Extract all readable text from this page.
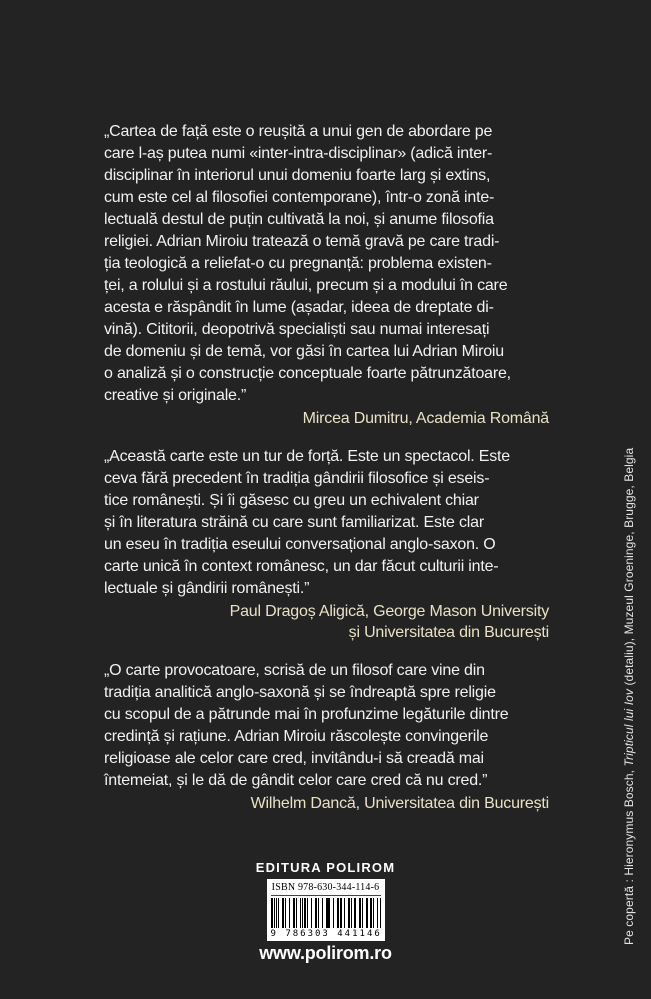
„Cartea de față este o reușită a unui gen de abordare pe
care l-aș putea numi «inter-intra-disciplinar» (adică inter-
disciplinar în interiorul unui domeniu foarte larg și extins,
cum este cel al filosofiei contemporane), într-o zonă inte-
lectuală destul de puțin cultivată la noi, și anume filosofia
religiei. Adrian Miroiu tratează o temă gravă pe care tradi-
ția teologică a reliefat-o cu pregnanță: problema existen-
ței, a rolului și a rostului răului, precum și a modului în care
acesta e răspândit în lume (așadar, ideea de dreptate di-
vină). Cititorii, deopotrivă specialiști sau numai interesați
de domeniu și de temă, vor găsi în cartea lui Adrian Miroiu
o analiză și o construcție conceptuale foarte pătrunzătoare,
creative și originale.”
Mircea Dumitru, Academia Română
„Această carte este un tur de forță. Este un spectacol. Este
ceva fără precedent în tradiția gândirii filosofice și eseis-
tice românești. Și îi găsesc cu greu un echivalent chiar
și în literatura străină cu care sunt familiarizat. Este clar
un eseu în tradiția eseului conversațional anglo-saxon. O
carte unică în context românesc, un dar făcut culturii inte-
lectuale și gândirii românești.”
Paul Dragoș Aligică, George Mason University
și Universitatea din București
„O carte provocatoare, scrisă de un filosof care vine din
tradiția analitică anglo-saxonă și se îndreaptă spre religie
cu scopul de a pătrunde mai în profunzime legăturile dintre
credință și rațiune. Adrian Miroiu răscolește convingerile
religioase ale celor care cred, invitându-i să creadă mai
întemeiat, și le dă de gândit celor care cred că nu cred.”
Wilhelm Dancă, Universitatea din București
EDITURA POLIROM
ISBN 978-630-344-114-6
9 786303 441146
www.polirom.ro
Pe copertă : Hieronymus Bosch, Tripticul lui Iov (detaliu), Muzeul Groeninge, Brugge, Belgia
